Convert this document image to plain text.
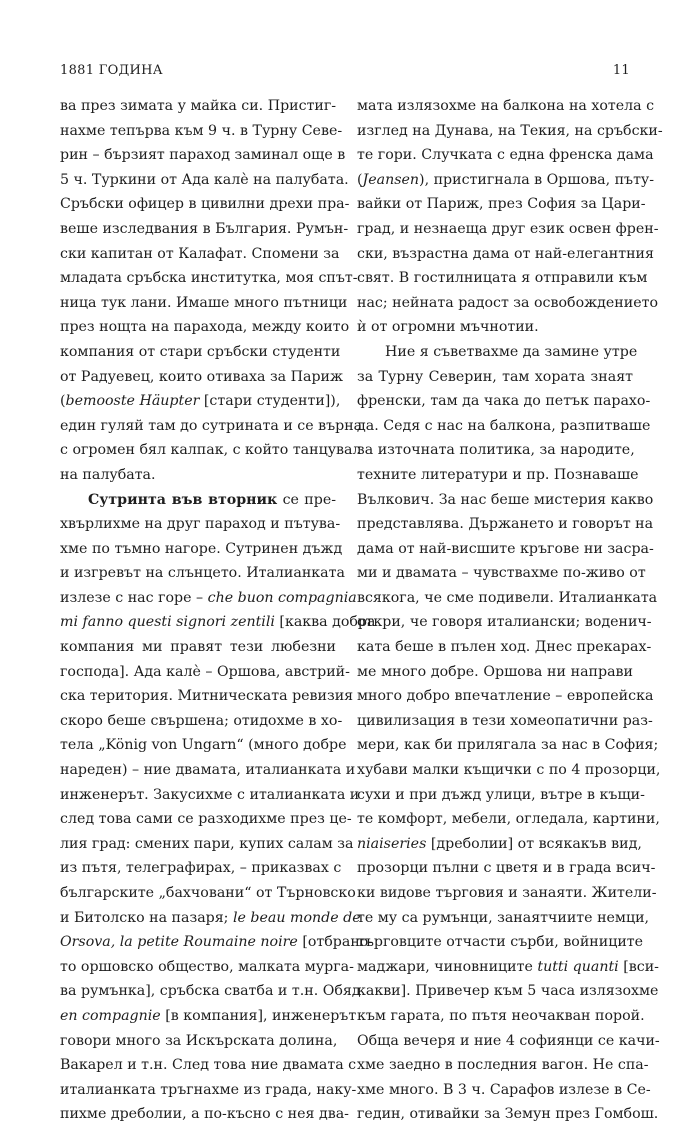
1881 ГОДИНА	11
ва през зимата у майка си. Пристиг-
нахме тепърва към 9 ч. в Турну Севе-
рин – бързият параход заминал още в
5 ч. Туркини от Ада калѐ на палубата.
Сръбски офицер в цивилни дрехи пра-
веше изследвания в България. Румън-
ски капитан от Калафат. Спомени за
младата сръбска институтка, моя спът-
ница тук лани. Имаше много пътници
през нощта на парахода, между които
компания от стари сръбски студенти
от Радуевец, които отиваха за Париж
(bemooste Häupter [стари студенти]),
един гуляй там до сутрината и се върна
с огромен бял калпак, с който танцувал
на палубата.
Сутринта във вторник се пре-
хвърлихме на друг параход и пътува-
хме по тъмно нагоре. Сутринен дъжд
и изгревът на слънцето. Италианката
излезе с нас горе – che buon compagnia
mi fanno questi signori zentili [каква добра
компания ми правят тези любезни
господа]. Ада калѐ – Оршова, австрий-
ска територия. Митническата ревизия
скоро беше свършена; отидохме в хо-
тела „König von Ungarn“ (много добре
нареден) – ние двамата, италианката и
инженерът. Закусихме с италианката и
след това сами се разходихме през це-
лия град: смених пари, купих салам за
из пътя, телеграфирах, – приказвах с
българските „бахчовани“ от Търновско
и Битолско на пазаря; le beau monde de
Orsova, la petite Roumaine noire [отбрано-
то оршовско общество, малката мурга-
ва румънка], сръбска сватба и т.н. Обяд
en compagnie [в компания], инженерът
говори много за Искърската долина,
Вакарел и т.н. След това ние двамата с
италианката тръгнахме из града, наку-
пихме дреболии, а по-късно с нея два-
мата излязохме на балкона на хотела с
изглед на Дунава, на Текия, на сръбски-
те гори. Случката с една френска дама
(Jeansen), пристигнала в Оршова, пъту-
вайки от Париж, през София за Цари-
град, и незнаеща друг език освен френ-
ски, възрастна дама от най-елегантния
свят. В гостилницата я отправили към
нас; нейната радост за освобождението
ѝ от огромни мъчнотии.
Ние я съветвахме да замине утре
за Турну Северин, там хората знаят
френски, там да чака до петък парахо-
да. Седя с нас на балкона, разпитваше
за източната политика, за народите,
техните литератури и пр. Познаваше
Вълкович. За нас беше мистерия какво
представлява. Държането и говорът на
дама от най-висшите кръгове ни засра-
ми и двамата – чувствахме по-живо от
всякога, че сме подивели. Италианката
откри, че говоря италиански; воденич-
ката беше в пълен ход. Днес прекарах-
ме много добре. Оршова ни направи
много добро впечатление – европейска
цивилизация в тези хомеопатични раз-
мери, как би прилягала за нас в София;
хубави малки къщички с по 4 прозорци,
сухи и при дъжд улици, вътре в къщи-
те комфорт, мебели, огледала, картини,
niaiseries [дреболии] от всякакъв вид,
прозорци пълни с цветя и в града всич-
ки видове търговия и занаяти. Жители-
те му са румънци, занаятчиите немци,
търговците отчасти сърби, войниците
маджари, чиновниците tutti quanti [вси-
какви]. Привечер към 5 часа излязохме
към гарата, по пътя неочакван порой.
Обща вечеря и ние 4 софиянци се качи-
хме заедно в последния вагон. Не спа-
хме много. В 3 ч. Сарафов излезе в Се-
гедин, отивайки за Земун през Гомбош.
